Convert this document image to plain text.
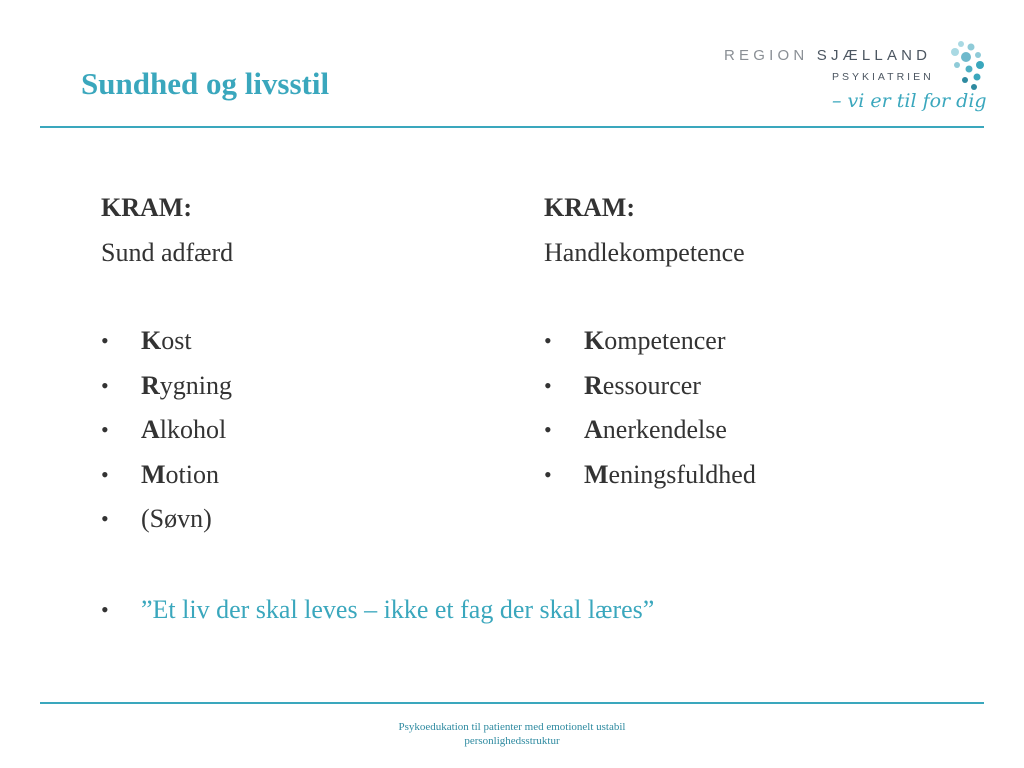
Sundhed og livsstil
REGION SJÆLLAND
PSYKIATRIEN
– vi er til for dig
KRAM:
Sund adfærd
• Kost
• Rygning
• Alkohol
• Motion
• (Søvn)
KRAM:
Handlekompetence
• Kompetencer
• Ressourcer
• Anerkendelse
• Meningsfuldhed
• ”Et liv der skal leves – ikke et fag der skal læres”
Psykoedukation til patienter med emotionelt ustabil
personlighedsstruktur
